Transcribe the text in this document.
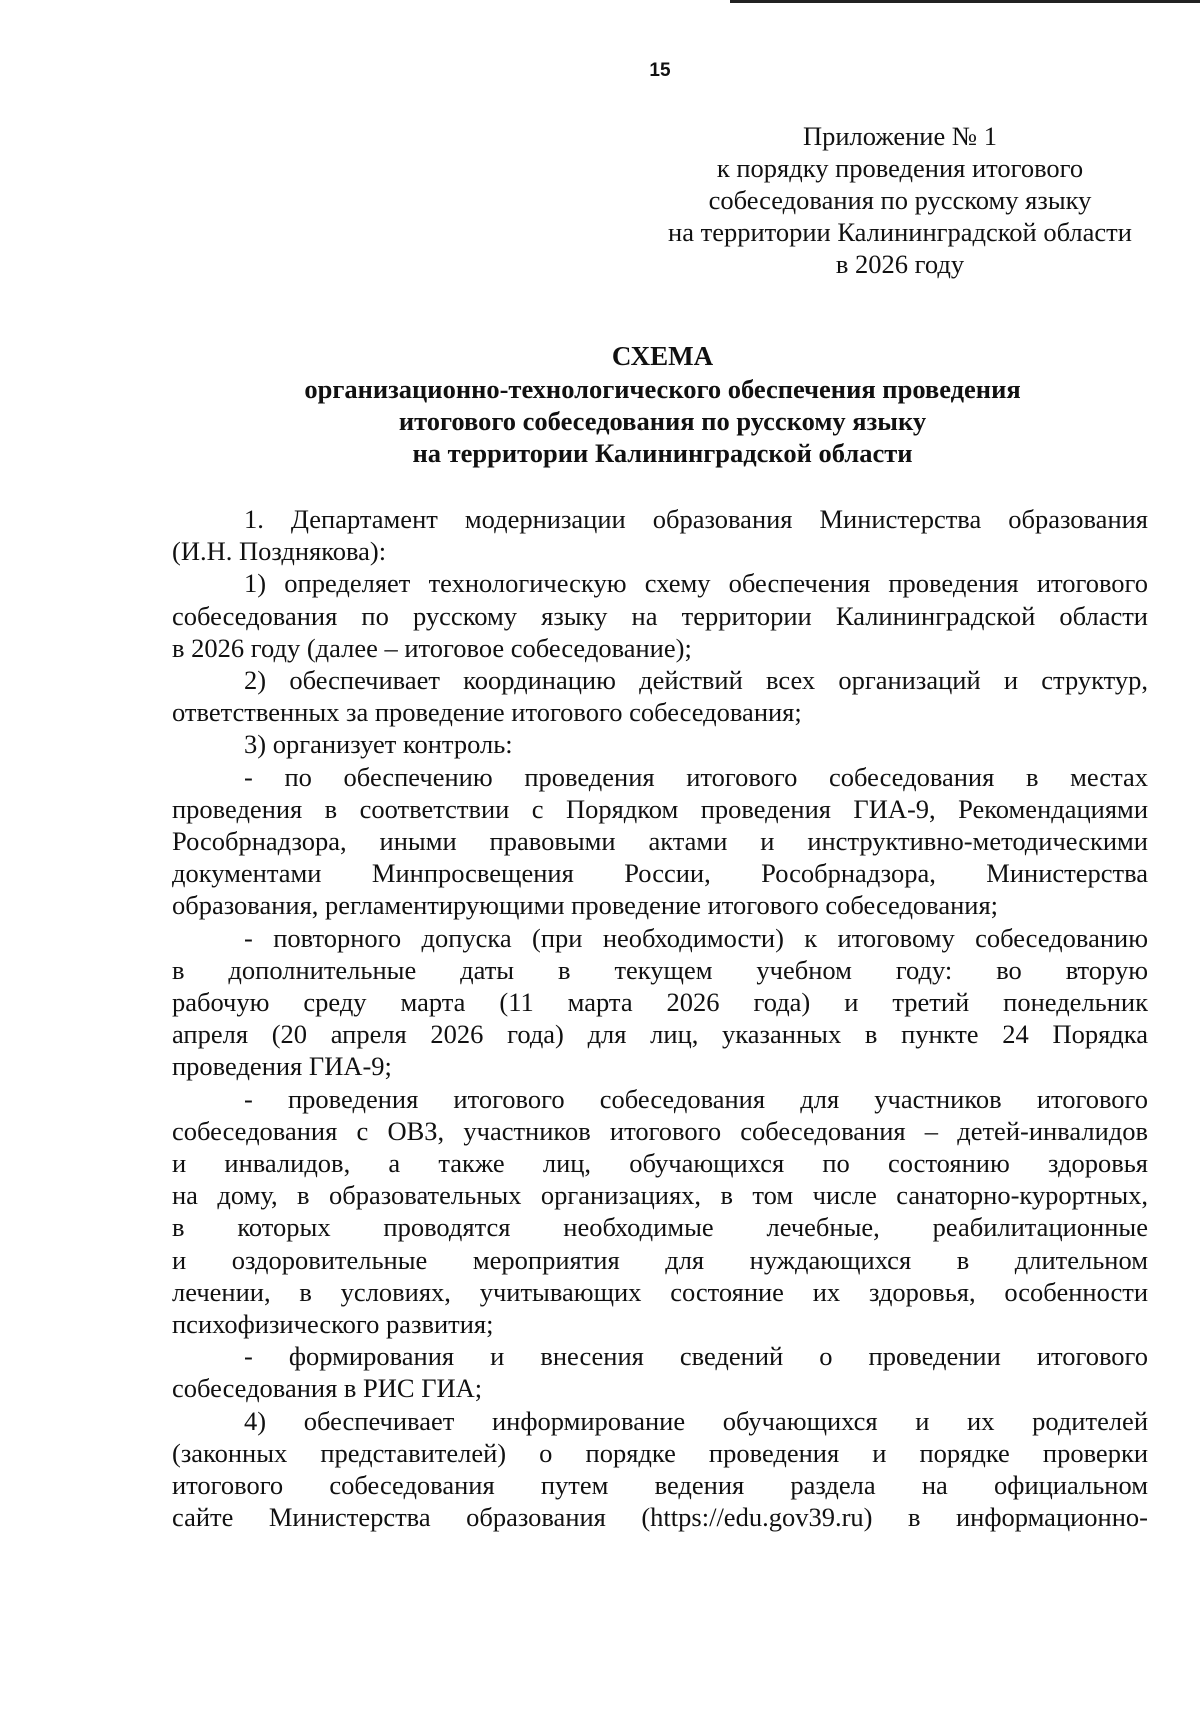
15
Приложение № 1
к порядку проведения итогового
собеседования по русскому языку
на территории Калининградской области
в 2026 году
СХЕМА
организационно-технологического обеспечения проведения
итогового собеседования по русскому языку
на территории Калининградской области
1. Департамент модернизации образования Министерства образования
(И.Н. Позднякова):
1) определяет технологическую схему обеспечения проведения итогового
собеседования по русскому языку на территории Калининградской области
в 2026 году (далее – итоговое собеседование);
2) обеспечивает координацию действий всех организаций и структур,
ответственных за проведение итогового собеседования;
3) организует контроль:
- по обеспечению проведения итогового собеседования в местах
проведения в соответствии с Порядком проведения ГИА-9, Рекомендациями
Рособрнадзора, иными правовыми актами и инструктивно-методическими
документами Минпросвещения России, Рособрнадзора, Министерства
образования, регламентирующими проведение итогового собеседования;
- повторного допуска (при необходимости) к итоговому собеседованию
в дополнительные даты в текущем учебном году: во вторую
рабочую среду марта (11 марта 2026 года) и третий понедельник
апреля (20 апреля 2026 года) для лиц, указанных в пункте 24 Порядка
проведения ГИА-9;
- проведения итогового собеседования для участников итогового
собеседования с ОВЗ, участников итогового собеседования – детей-инвалидов
и инвалидов, а также лиц, обучающихся по состоянию здоровья
на дому, в образовательных организациях, в том числе санаторно-курортных,
в которых проводятся необходимые лечебные, реабилитационные
и оздоровительные мероприятия для нуждающихся в длительном
лечении, в условиях, учитывающих состояние их здоровья, особенности
психофизического развития;
- формирования и внесения сведений о проведении итогового
собеседования в РИС ГИА;
4) обеспечивает информирование обучающихся и их родителей
(законных представителей) о порядке проведения и порядке проверки
итогового собеседования путем ведения раздела на официальном
сайте Министерства образования (https://edu.gov39.ru) в информационно-
